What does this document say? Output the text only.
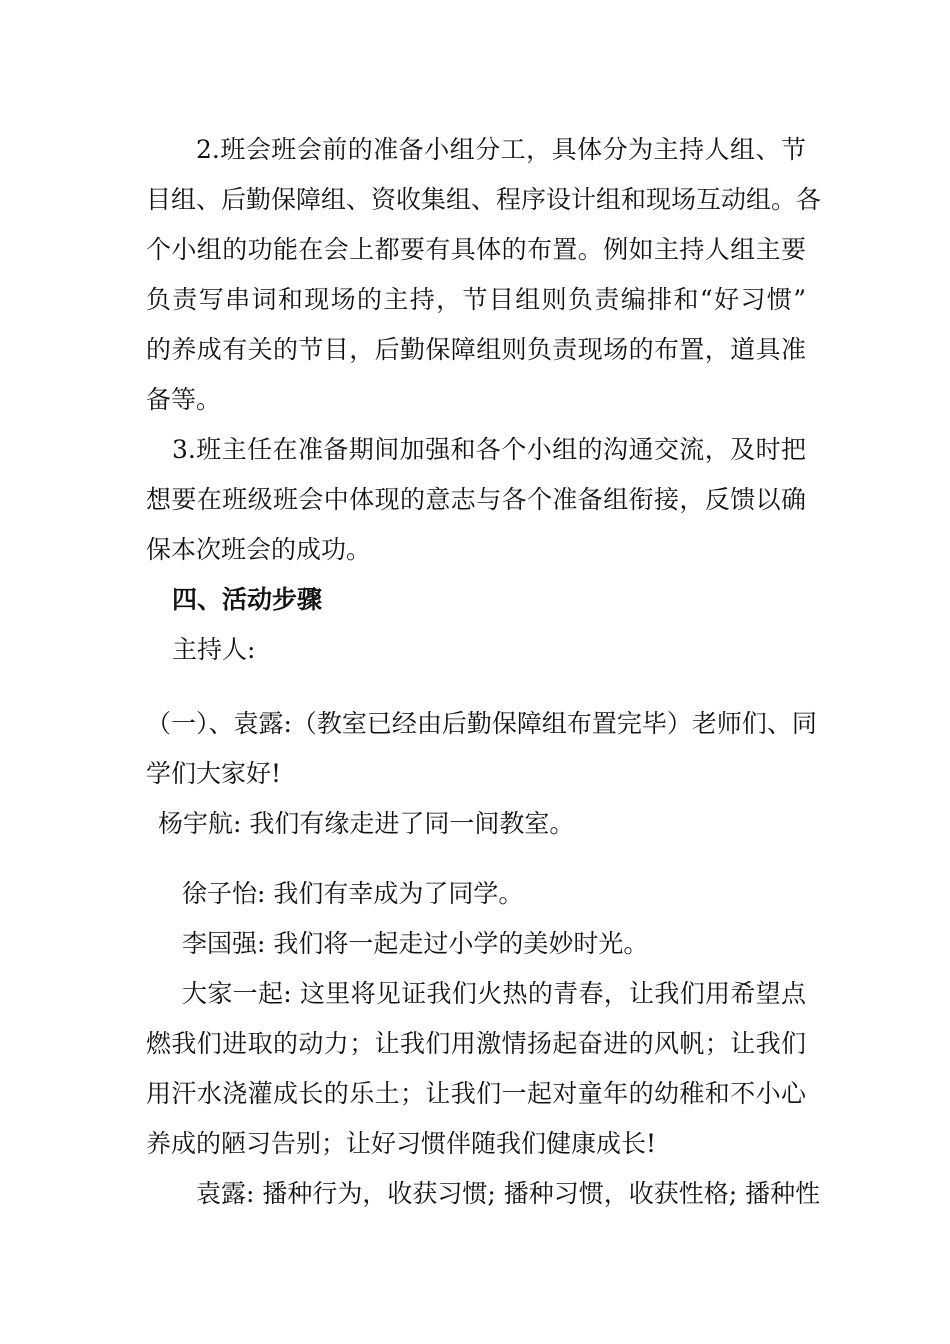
2.班会班会前的准备小组分工，具体分为主持人组、节
目组、后勤保障组、资收集组、程序设计组和现场互动组。各
个小组的功能在会上都要有具体的布置。例如主持人组主要
负责写串词和现场的主持，节目组则负责编排和“好习惯”
的养成有关的节目，后勤保障组则负责现场的布置，道具准
备等。
3.班主任在准备期间加强和各个小组的沟通交流，及时把
想要在班级班会中体现的意志与各个准备组衔接，反馈以确
保本次班会的成功。
四、活动步骤
主持人:
（一）、袁露:（教室已经由后勤保障组布置完毕）老师们、同
学们大家好!
杨宇航: 我们有缘走进了同一间教室。
徐子怡: 我们有幸成为了同学。
李国强: 我们将一起走过小学的美妙时光。
大家一起: 这里将见证我们火热的青春，让我们用希望点
燃我们进取的动力；让我们用激情扬起奋进的风帆；让我们
用汗水浇灌成长的乐土；让我们一起对童年的幼稚和不小心
养成的陋习告别；让好习惯伴随我们健康成长!
袁露: 播种行为，收获习惯; 播种习惯，收获性格; 播种性
